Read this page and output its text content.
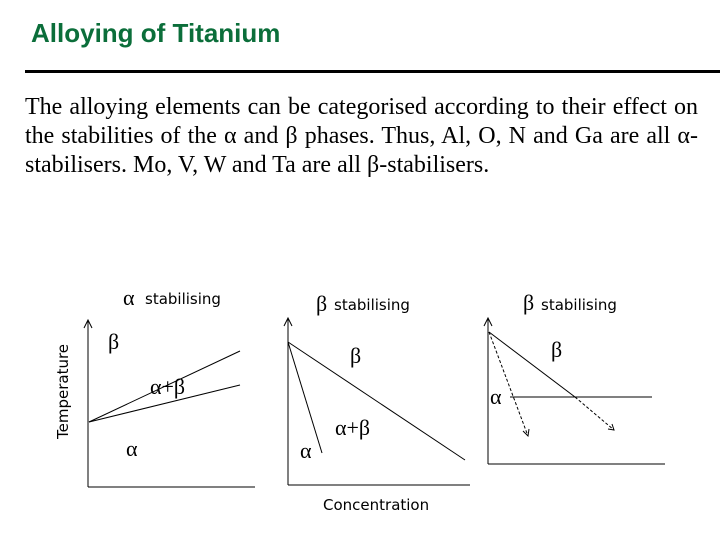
Alloying of Titanium

The alloying elements can be categorised according to their effect on the stabilities of the α and β phases. Thus, Al, O, N and Ga are all α-stabilisers. Mo, V, W and Ta are all β-stabilisers.

α stabilising
β
α+β
α
β stabilising
β
α+β
α
β stabilising
β
α
Temperature
Concentration
